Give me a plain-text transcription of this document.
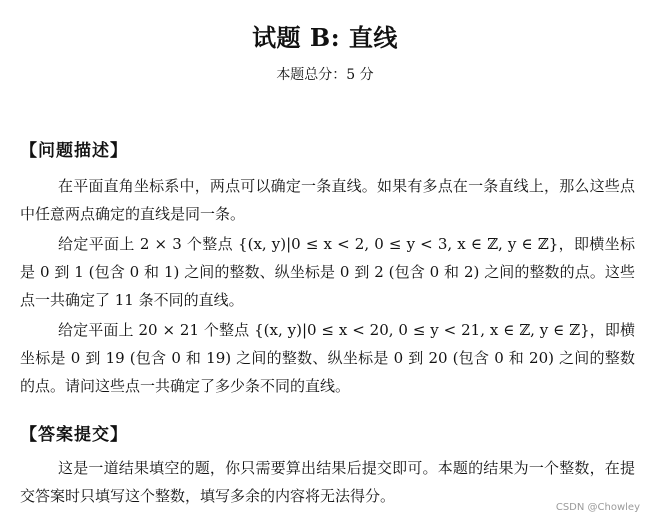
试题 B: 直线
本题总分：5 分
【问题描述】

在平面直角坐标系中，两点可以确定一条直线。如果有多点在一条直线上，那么这些点中任意两点确定的直线是同一条。

给定平面上 2 × 3 个整点 {(x, y)|0 ≤ x < 2, 0 ≤ y < 3, x ∈ ℤ, y ∈ ℤ}，即横坐标是 0 到 1 (包含 0 和 1) 之间的整数、纵坐标是 0 到 2 (包含 0 和 2) 之间的整数的点。这些点一共确定了 11 条不同的直线。

给定平面上 20 × 21 个整点 {(x, y)|0 ≤ x < 20, 0 ≤ y < 21, x ∈ ℤ, y ∈ ℤ}，即横坐标是 0 到 19 (包含 0 和 19) 之间的整数、纵坐标是 0 到 20 (包含 0 和 20) 之间的整数的点。请问这些点一共确定了多少条不同的直线。

【答案提交】

这是一道结果填空的题，你只需要算出结果后提交即可。本题的结果为一个整数，在提交答案时只填写这个整数，填写多余的内容将无法得分。

CSDN @Chowley
